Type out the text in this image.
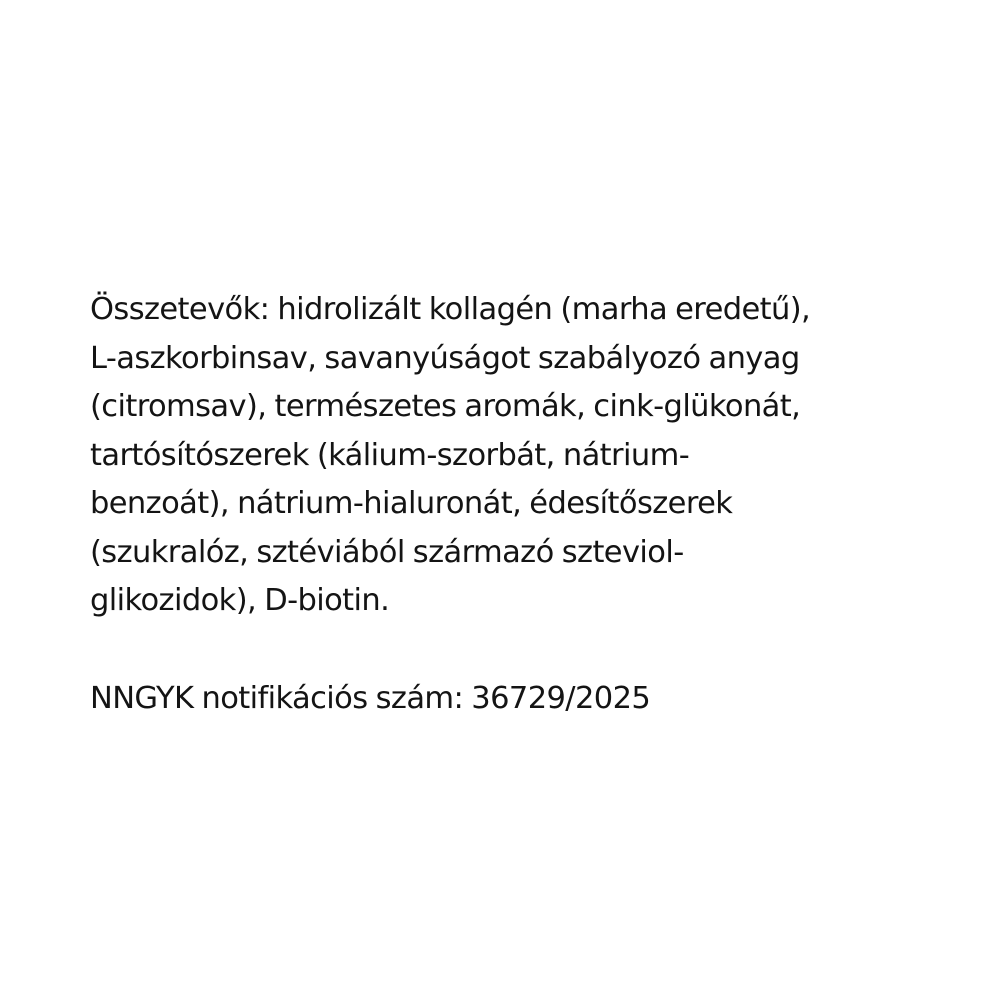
Összetevők: hidrolizált kollagén (marha eredetű),
L-aszkorbinsav, savanyúságot szabályozó anyag
(citromsav), természetes aromák, cink-glükonát,
tartósítószerek (kálium-szorbát, nátrium-
benzoát), nátrium-hialuronát, édesítőszerek
(szukralóz, sztéviából származó szteviol-
glikozidok), D-biotin.

NNGYK notifikációs szám: 36729/2025
